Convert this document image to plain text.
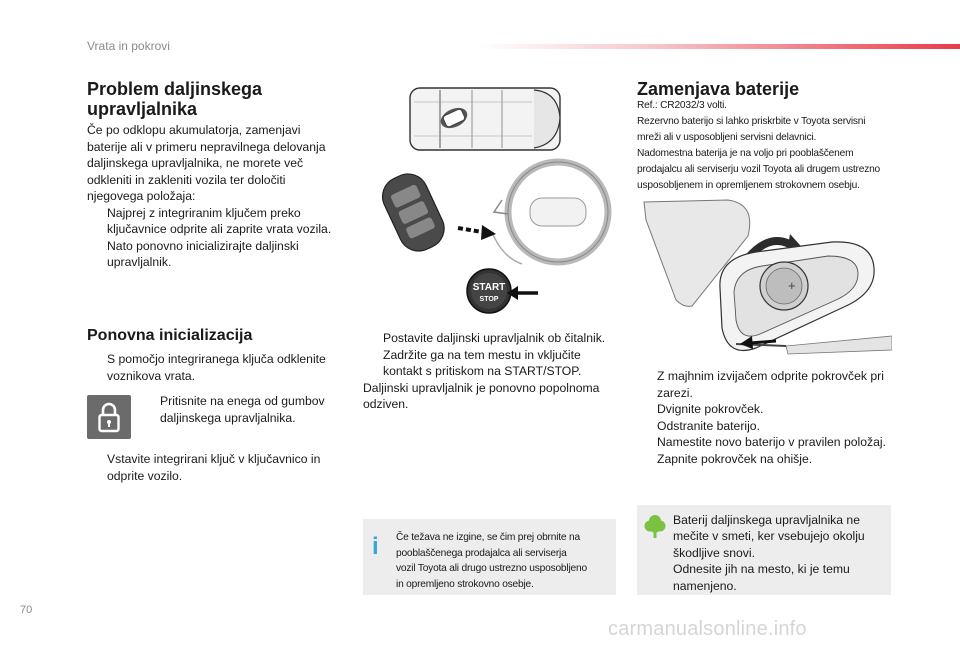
Vrata in pokrovi
Problem daljinskega
upravljalnika
Če po odklopu akumulatorja, zamenjavi
baterije ali v primeru nepravilnega delovanja
daljinskega upravljalnika, ne morete več
odkleniti in zakleniti vozila ter določiti
njegovega položaja:
Najprej z integriranim ključem preko
ključavnice odprite ali zaprite vrata vozila.
Nato ponovno inicializirajte daljinski
upravljalnik.
Ponovna inicializacija
S pomočjo integriranega ključa odklenite
voznikova vrata.
Pritisnite na enega od gumbov
daljinskega upravljalnika.
Vstavite integrirani ključ v ključavnico in
odprite vozilo.
START
STOP
Postavite daljinski upravljalnik ob čitalnik.
Zadržite ga na tem mestu in vključite
kontakt s pritiskom na START/STOP.
Daljinski upravljalnik je ponovno popolnoma
odziven.
i Če težava ne izgine, se čim prej obrnite na
pooblaščenega prodajalca ali serviserja
vozil Toyota ali drugo ustrezno usposobljeno
in opremljeno strokovno osebje.
Zamenjava baterije
Ref.: CR2032/3 volti.
Rezervno baterijo si lahko priskrbite v Toyota servisni
mreži ali v usposobljeni servisni delavnici.
Nadomestna baterija je na voljo pri pooblaščenem
prodajalcu ali serviserju vozil Toyota ali drugem ustrezno
usposobljenem in opremljenem strokovnem osebju.
+
Z majhnim izvijačem odprite pokrovček pri
zarezi.
Dvignite pokrovček.
Odstranite baterijo.
Namestite novo baterijo v pravilen položaj.
Zapnite pokrovček na ohišje.
Baterij daljinskega upravljalnika ne
mečite v smeti, ker vsebujejo okolju
škodljive snovi.
Odnesite jih na mesto, ki je temu
namenjeno.
70
carmanualsonline.info
